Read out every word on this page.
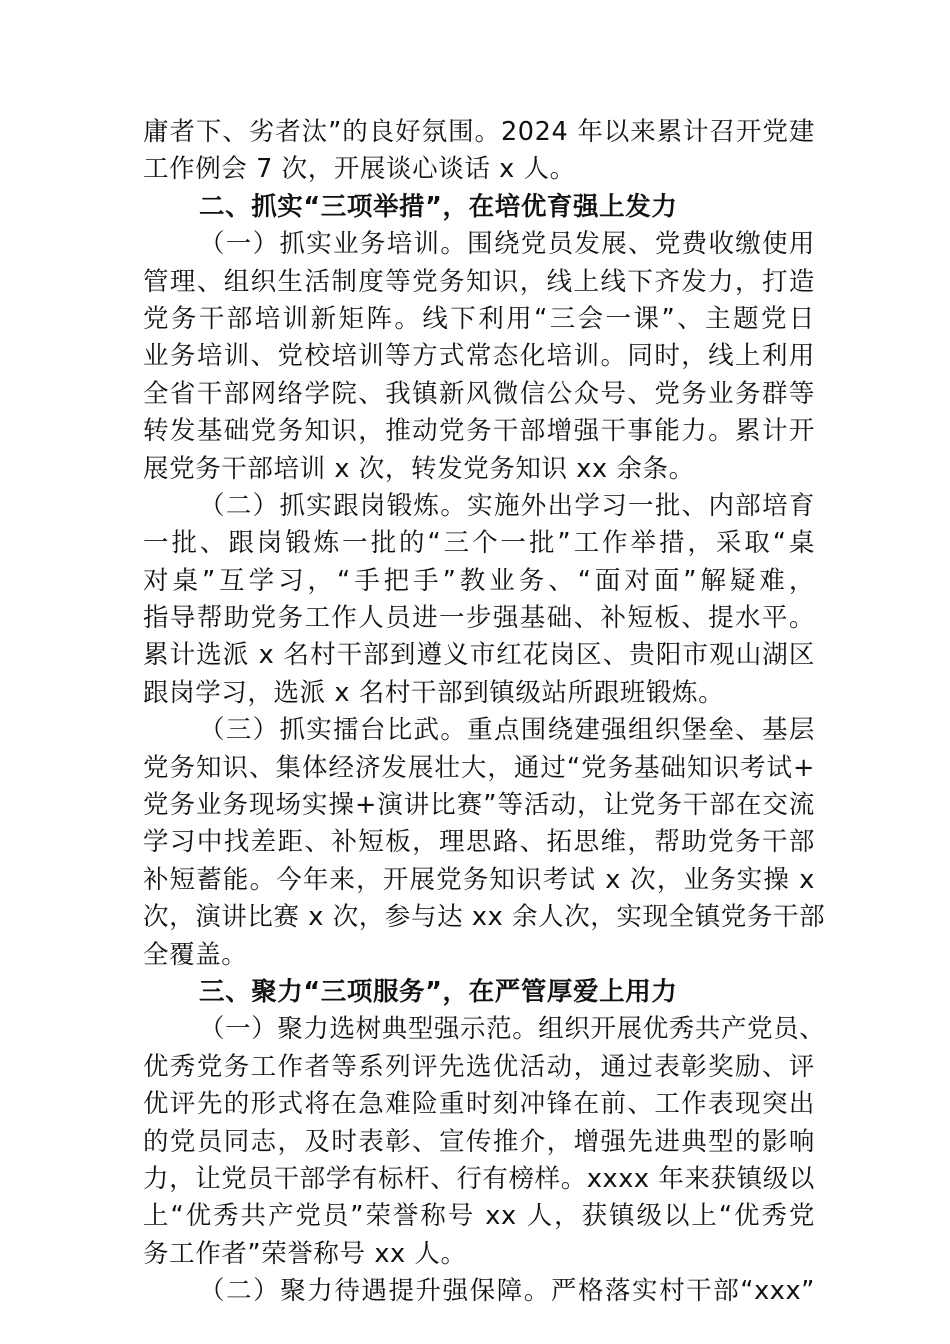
庸者下、劣者汰”的良好氛围。2024 年以来累计召开党建
工作例会 7 次，开展谈心谈话 x 人。
二、抓实“三项举措”，在培优育强上发力
（一）抓实业务培训。围绕党员发展、党费收缴使用
管理、组织生活制度等党务知识，线上线下齐发力，打造
党务干部培训新矩阵。线下利用“三会一课”、主题党日
业务培训、党校培训等方式常态化培训。同时，线上利用
全省干部网络学院、我镇新风微信公众号、党务业务群等
转发基础党务知识，推动党务干部增强干事能力。累计开
展党务干部培训 x 次，转发党务知识 xx 余条。
（二）抓实跟岗锻炼。实施外出学习一批、内部培育
一批、跟岗锻炼一批的“三个一批”工作举措，采取“桌
对桌”互学习，“手把手”教业务、“面对面”解疑难，
指导帮助党务工作人员进一步强基础、补短板、提水平。
累计选派 x 名村干部到遵义市红花岗区、贵阳市观山湖区
跟岗学习，选派 x 名村干部到镇级站所跟班锻炼。
（三）抓实擂台比武。重点围绕建强组织堡垒、基层
党务知识、集体经济发展壮大，通过“党务基础知识考试+
党务业务现场实操+演讲比赛”等活动，让党务干部在交流
学习中找差距、补短板，理思路、拓思维，帮助党务干部
补短蓄能。今年来，开展党务知识考试 x 次，业务实操 x
次，演讲比赛 x 次，参与达 xx 余人次，实现全镇党务干部
全覆盖。
三、聚力“三项服务”，在严管厚爱上用力
（一）聚力选树典型强示范。组织开展优秀共产党员、
优秀党务工作者等系列评先选优活动，通过表彰奖励、评
优评先的形式将在急难险重时刻冲锋在前、工作表现突出
的党员同志，及时表彰、宣传推介，增强先进典型的影响
力，让党员干部学有标杆、行有榜样。xxxx 年来获镇级以
上“优秀共产党员”荣誉称号 xx 人，获镇级以上“优秀党
务工作者”荣誉称号 xx 人。
（二）聚力待遇提升强保障。严格落实村干部“xxx”
